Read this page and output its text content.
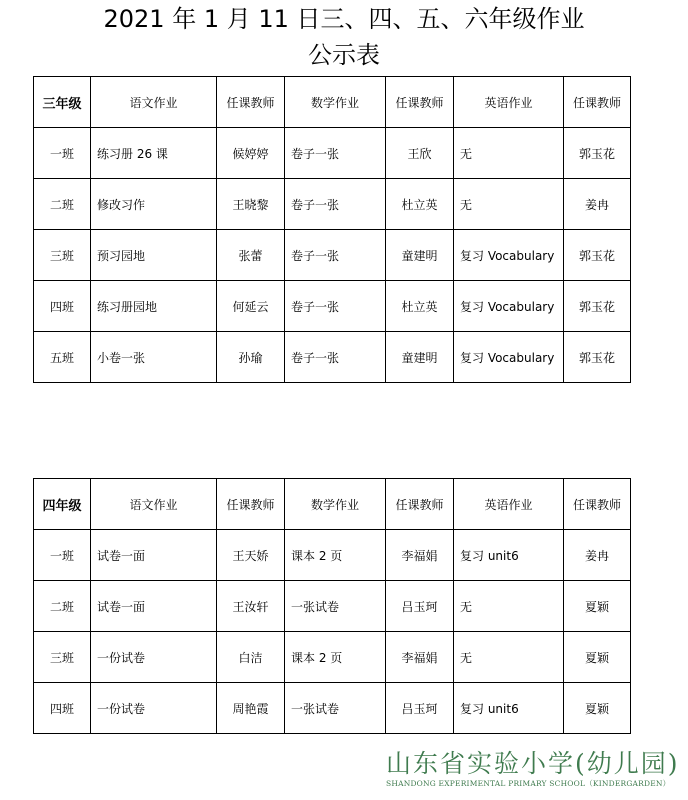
2021 年 1 月 11 日三、四、五、六年级作业
公示表
三年级	语文作业	任课教师	数学作业	任课教师	英语作业	任课教师
一班	练习册 26 课	候婷婷	卷子一张	王欣	无	郭玉花
二班	修改习作	王晓黎	卷子一张	杜立英	无	姜冉
三班	预习园地	张蕾	卷子一张	童建明	复习 Vocabulary	郭玉花
四班	练习册园地	何延云	卷子一张	杜立英	复习 Vocabulary	郭玉花
五班	小卷一张	孙瑜	卷子一张	童建明	复习 Vocabulary	郭玉花
四年级	语文作业	任课教师	数学作业	任课教师	英语作业	任课教师
一班	试卷一面	王天娇	课本 2 页	李福娟	复习 unit6	姜冉
二班	试卷一面	王汝轩	一张试卷	吕玉珂	无	夏颖
三班	一份试卷	白洁	课本 2 页	李福娟	无	夏颖
四班	一份试卷	周艳霞	一张试卷	吕玉珂	复习 unit6	夏颖
山东省实验小学(幼儿园)
SHANDONG EXPERIMENTAL PRIMARY SCHOOL（KINDERGARDEN）
